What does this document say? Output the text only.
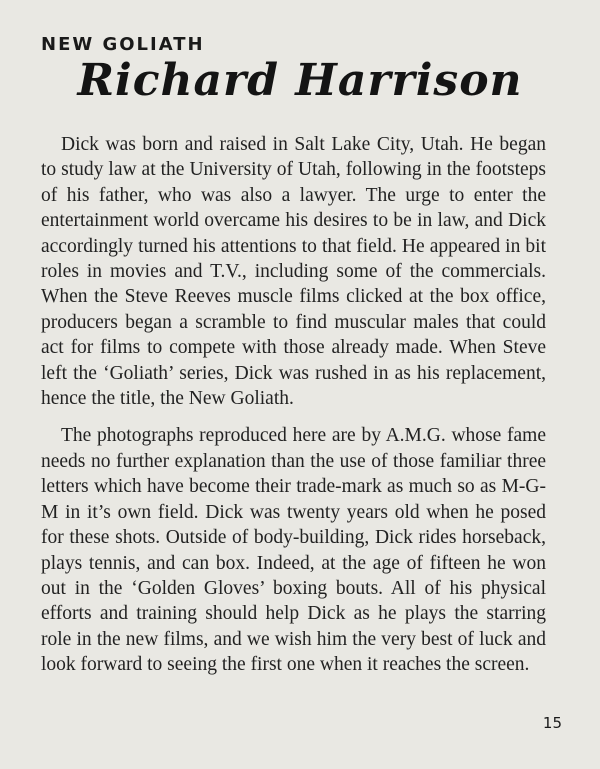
NEW GOLIATH
Richard Harrison

Dick was born and raised in Salt Lake City, Utah. He began to study law at the University of Utah, following in the footsteps of his father, who was also a lawyer. The urge to enter the entertainment world overcame his desires to be in law, and Dick accordingly turned his attentions to that field. He appeared in bit roles in movies and T.V., including some of the commercials. When the Steve Reeves muscle films clicked at the box office, producers began a scramble to find muscular males that could act for films to compete with those already made. When Steve left the ‘Goliath’ series, Dick was rushed in as his replacement, hence the title, the New Goliath.

The photographs reproduced here are by A.M.G. whose fame needs no further explanation than the use of those familiar three letters which have become their trade-mark as much so as M-G-M in it’s own field. Dick was twenty years old when he posed for these shots. Outside of body-building, Dick rides horseback, plays tennis, and can box. Indeed, at the age of fifteen he won out in the ‘Golden Gloves’ boxing bouts. All of his physical efforts and training should help Dick as he plays the starring role in the new films, and we wish him the very best of luck and look forward to seeing the first one when it reaches the screen.

15
